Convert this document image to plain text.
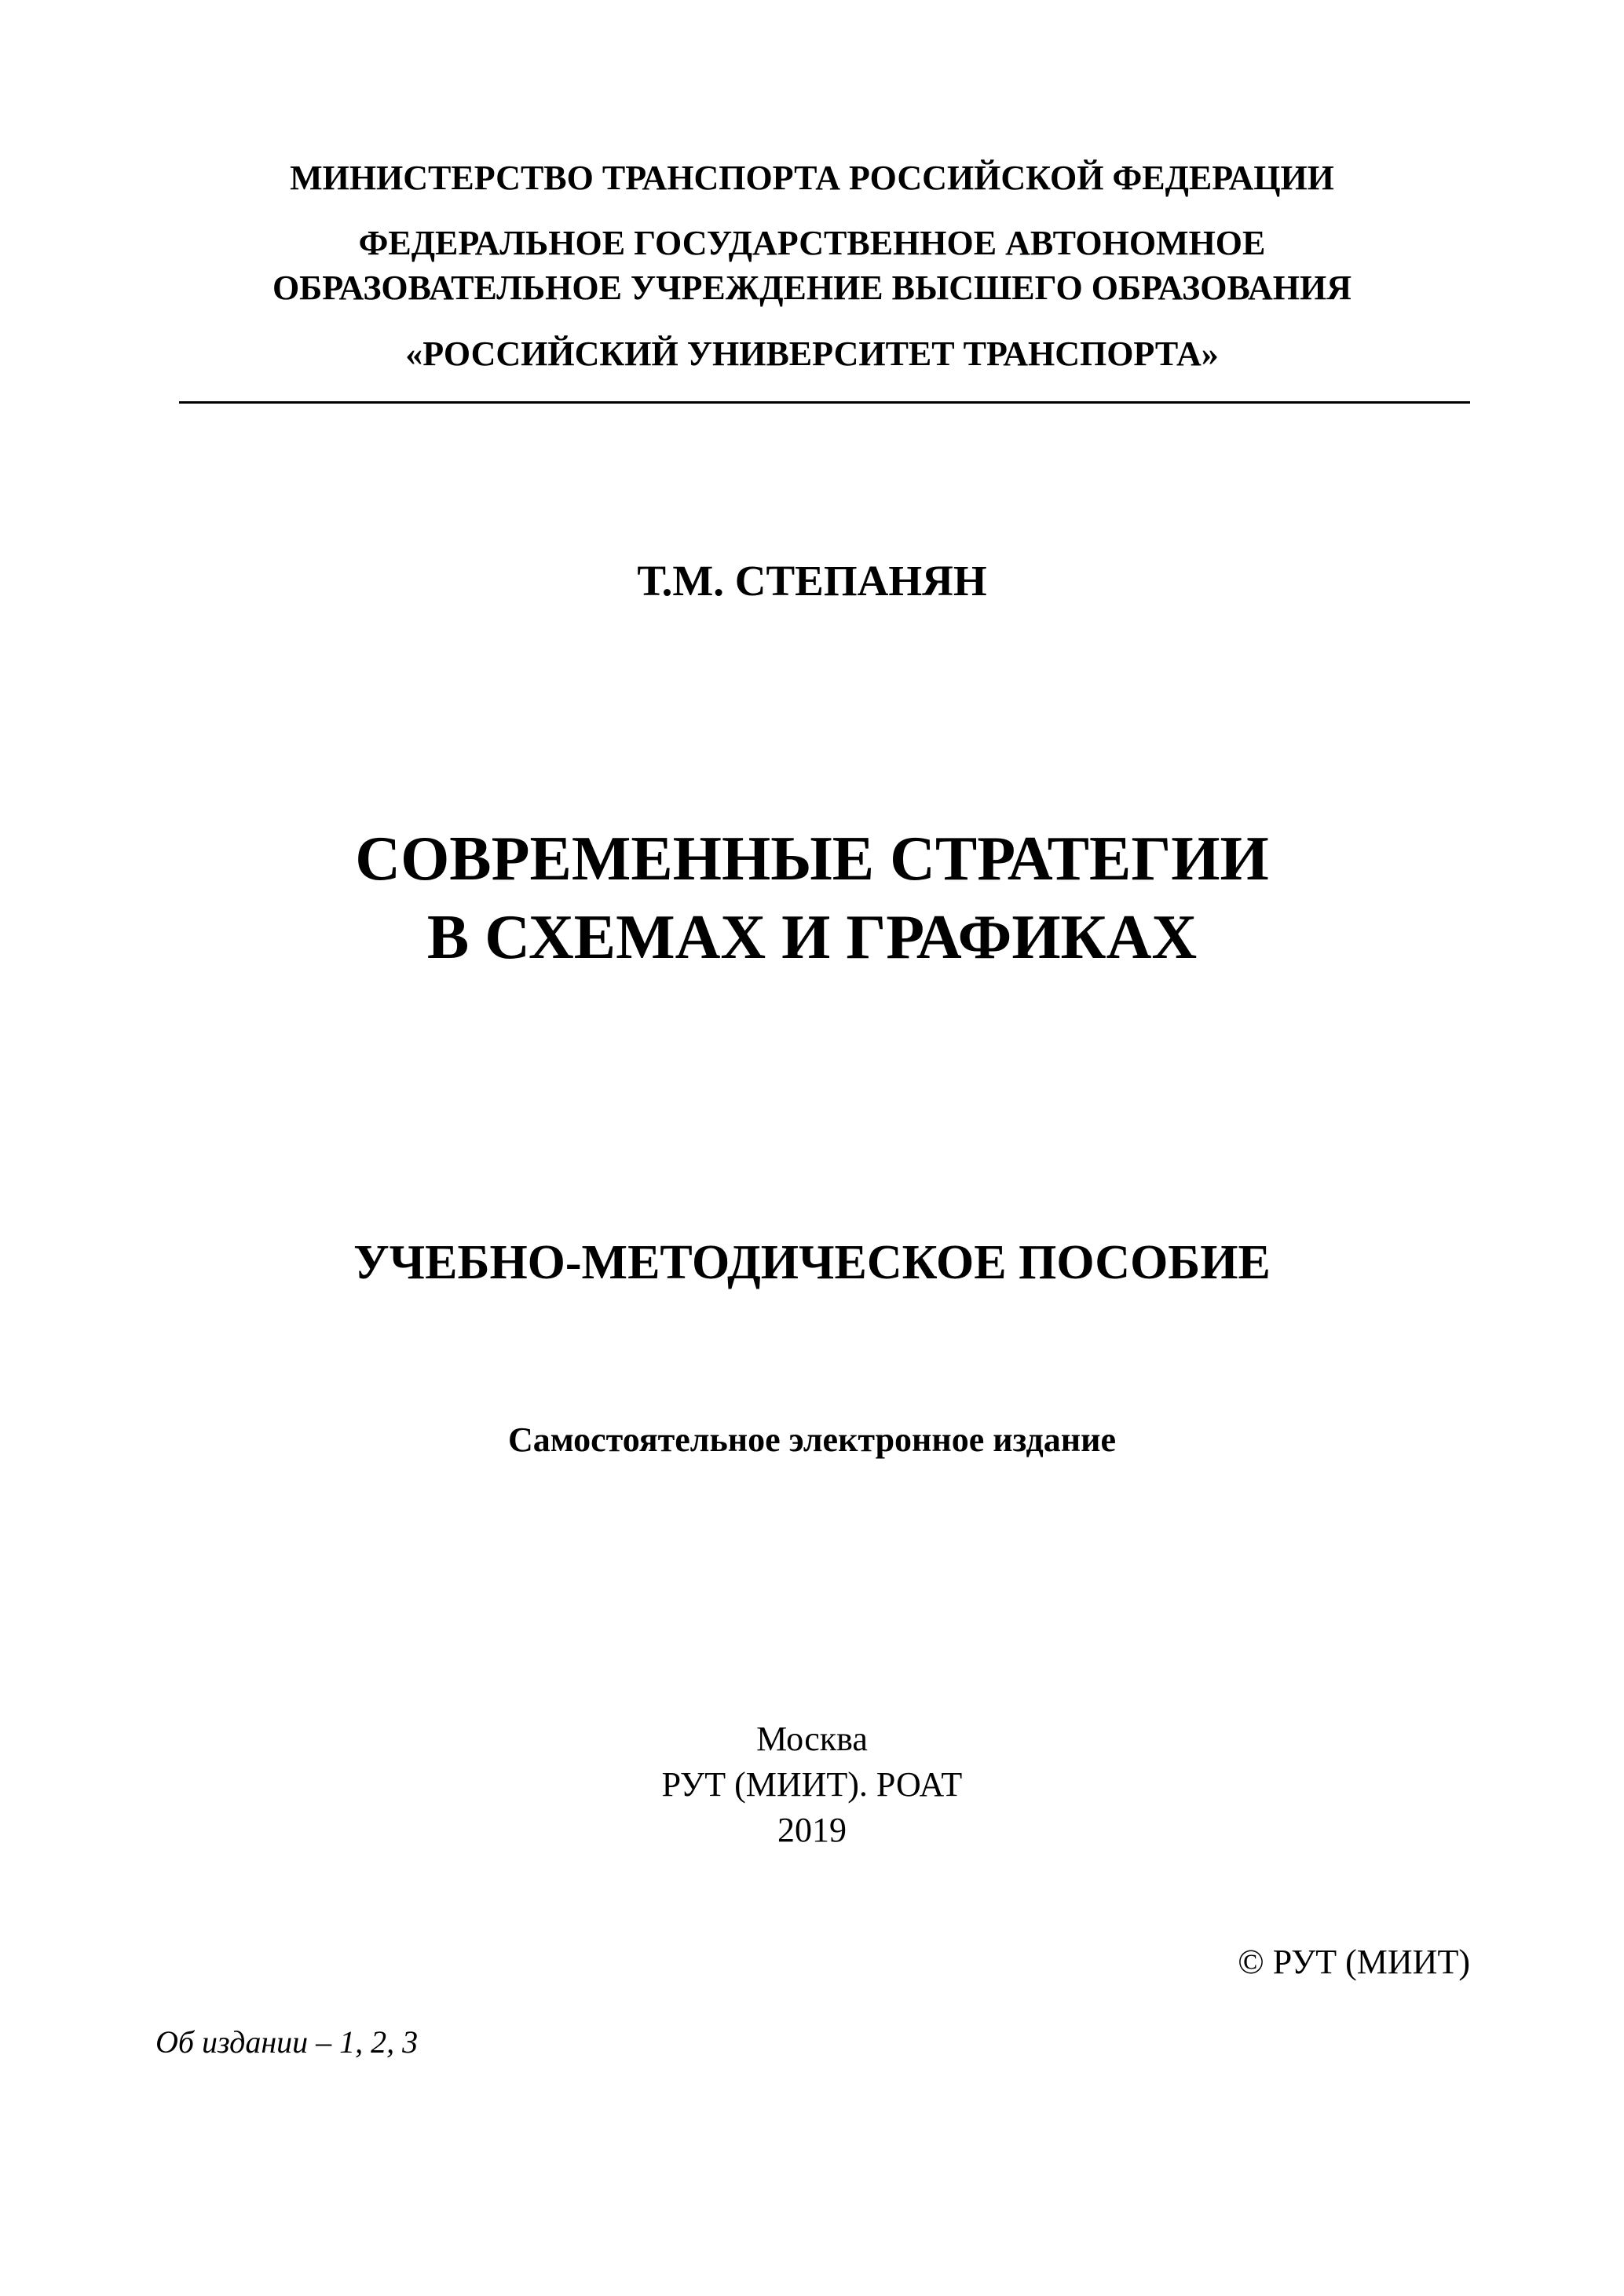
МИНИСТЕРСТВО ТРАНСПОРТА РОССИЙСКОЙ ФЕДЕРАЦИИ
ФЕДЕРАЛЬНОЕ ГОСУДАРСТВЕННОЕ АВТОНОМНОЕ
ОБРАЗОВАТЕЛЬНОЕ УЧРЕЖДЕНИЕ ВЫСШЕГО ОБРАЗОВАНИЯ
«РОССИЙСКИЙ УНИВЕРСИТЕТ ТРАНСПОРТА»
Т.М. СТЕПАНЯН
СОВРЕМЕННЫЕ СТРАТЕГИИ
В СХЕМАХ И ГРАФИКАХ
УЧЕБНО-МЕТОДИЧЕСКОЕ ПОСОБИЕ
Самостоятельное электронное издание
Москва
РУТ (МИИТ). РОАТ
2019
© РУТ (МИИТ)
Об издании – 1, 2, 3
